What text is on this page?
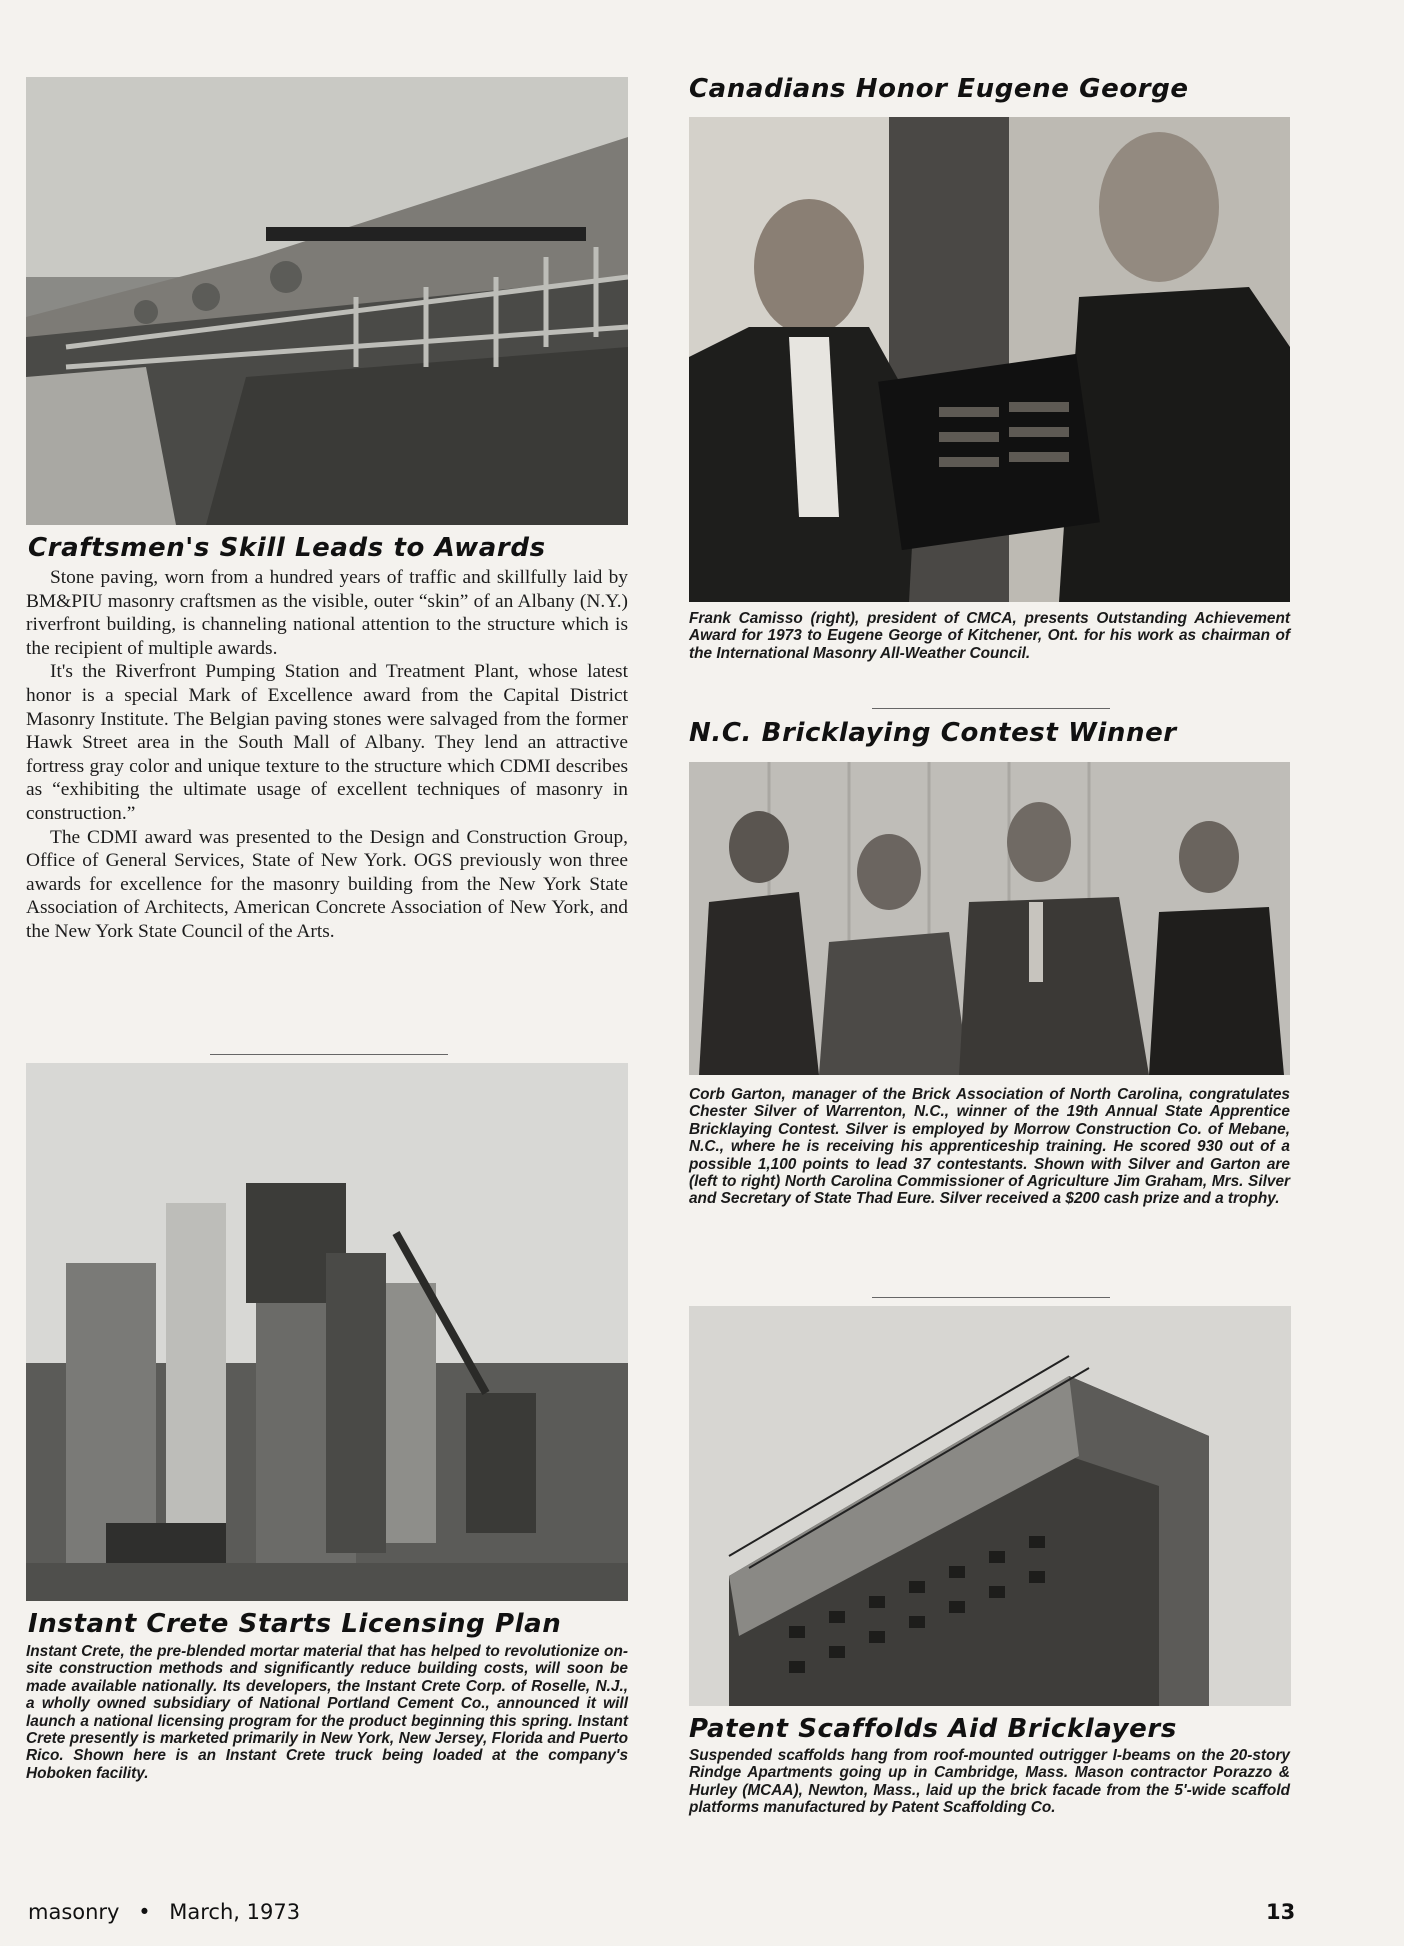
Craftsmen's Skill Leads to Awards

Stone paving, worn from a hundred years of traffic and skillfully laid by BM&PIU masonry craftsmen as the visible, outer “skin” of an Albany (N.Y.) riverfront building, is channeling national attention to the structure which is the recipient of multiple awards.

It's the Riverfront Pumping Station and Treatment Plant, whose latest honor is a special Mark of Excellence award from the Capital District Masonry Institute. The Belgian paving stones were salvaged from the former Hawk Street area in the South Mall of Albany. They lend an attractive fortress gray color and unique texture to the structure which CDMI describes as “exhibiting the ultimate usage of excellent techniques of masonry in construction.”

The CDMI award was presented to the Design and Construction Group, Office of General Services, State of New York. OGS previously won three awards for excellence for the masonry building from the New York State Association of Architects, American Concrete Association of New York, and the New York State Council of the Arts.

Instant Crete Starts Licensing Plan
Instant Crete, the pre-blended mortar material that has helped to revolutionize on-site construction methods and significantly reduce building costs, will soon be made available nationally. Its developers, the Instant Crete Corp. of Roselle, N.J., a wholly owned subsidiary of National Portland Cement Co., announced it will launch a national licensing program for the product beginning this spring. Instant Crete presently is marketed primarily in New York, New Jersey, Florida and Puerto Rico. Shown here is an Instant Crete truck being loaded at the company's Hoboken facility.
Canadians Honor Eugene George
Frank Camisso (right), president of CMCA, presents Outstanding Achievement Award for 1973 to Eugene George of Kitchener, Ont. for his work as chairman of the International Masonry All-Weather Council.
N.C. Bricklaying Contest Winner
Corb Garton, manager of the Brick Association of North Carolina, congratulates Chester Silver of Warrenton, N.C., winner of the 19th Annual State Apprentice Bricklaying Contest. Silver is employed by Morrow Construction Co. of Mebane, N.C., where he is receiving his apprenticeship training. He scored 930 out of a possible 1,100 points to lead 37 contestants. Shown with Silver and Garton are (left to right) North Carolina Commissioner of Agriculture Jim Graham, Mrs. Silver and Secretary of State Thad Eure. Silver received a $200 cash prize and a trophy.
Patent Scaffolds Aid Bricklayers
Suspended scaffolds hang from roof-mounted outrigger I-beams on the 20-story Rindge Apartments going up in Cambridge, Mass. Mason contractor Porazzo & Hurley (MCAA), Newton, Mass., laid up the brick facade from the 5'-wide scaffold platforms manufactured by Patent Scaffolding Co.
masonry • March, 1973	13
